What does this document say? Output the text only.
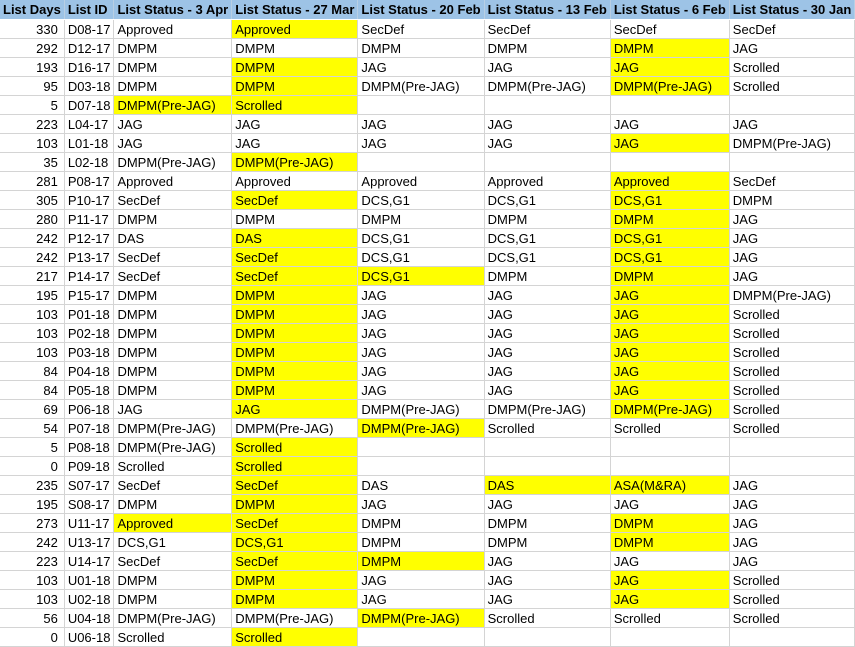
List Days	List ID	List Status - 3 Apr	List Status - 27 Mar	List Status - 20 Feb	List Status - 13 Feb	List Status - 6 Feb	List Status - 30 Jan
330	D08-17	Approved	Approved	SecDef	SecDef	SecDef	SecDef
292	D12-17	DMPM	DMPM	DMPM	DMPM	DMPM	JAG
193	D16-17	DMPM	DMPM	JAG	JAG	JAG	Scrolled
95	D03-18	DMPM	DMPM	DMPM(Pre-JAG)	DMPM(Pre-JAG)	DMPM(Pre-JAG)	Scrolled
5	D07-18	DMPM(Pre-JAG)	Scrolled				
223	L04-17	JAG	JAG	JAG	JAG	JAG	JAG
103	L01-18	JAG	JAG	JAG	JAG	JAG	DMPM(Pre-JAG)
35	L02-18	DMPM(Pre-JAG)	DMPM(Pre-JAG)				
281	P08-17	Approved	Approved	Approved	Approved	Approved	SecDef
305	P10-17	SecDef	SecDef	DCS,G1	DCS,G1	DCS,G1	DMPM
280	P11-17	DMPM	DMPM	DMPM	DMPM	DMPM	JAG
242	P12-17	DAS	DAS	DCS,G1	DCS,G1	DCS,G1	JAG
242	P13-17	SecDef	SecDef	DCS,G1	DCS,G1	DCS,G1	JAG
217	P14-17	SecDef	SecDef	DCS,G1	DMPM	DMPM	JAG
195	P15-17	DMPM	DMPM	JAG	JAG	JAG	DMPM(Pre-JAG)
103	P01-18	DMPM	DMPM	JAG	JAG	JAG	Scrolled
103	P02-18	DMPM	DMPM	JAG	JAG	JAG	Scrolled
103	P03-18	DMPM	DMPM	JAG	JAG	JAG	Scrolled
84	P04-18	DMPM	DMPM	JAG	JAG	JAG	Scrolled
84	P05-18	DMPM	DMPM	JAG	JAG	JAG	Scrolled
69	P06-18	JAG	JAG	DMPM(Pre-JAG)	DMPM(Pre-JAG)	DMPM(Pre-JAG)	Scrolled
54	P07-18	DMPM(Pre-JAG)	DMPM(Pre-JAG)	DMPM(Pre-JAG)	Scrolled	Scrolled	Scrolled
5	P08-18	DMPM(Pre-JAG)	Scrolled				
0	P09-18	Scrolled	Scrolled				
235	S07-17	SecDef	SecDef	DAS	DAS	ASA(M&RA)	JAG
195	S08-17	DMPM	DMPM	JAG	JAG	JAG	JAG
273	U11-17	Approved	SecDef	DMPM	DMPM	DMPM	JAG
242	U13-17	DCS,G1	DCS,G1	DMPM	DMPM	DMPM	JAG
223	U14-17	SecDef	SecDef	DMPM	JAG	JAG	JAG
103	U01-18	DMPM	DMPM	JAG	JAG	JAG	Scrolled
103	U02-18	DMPM	DMPM	JAG	JAG	JAG	Scrolled
56	U04-18	DMPM(Pre-JAG)	DMPM(Pre-JAG)	DMPM(Pre-JAG)	Scrolled	Scrolled	Scrolled
0	U06-18	Scrolled	Scrolled				
